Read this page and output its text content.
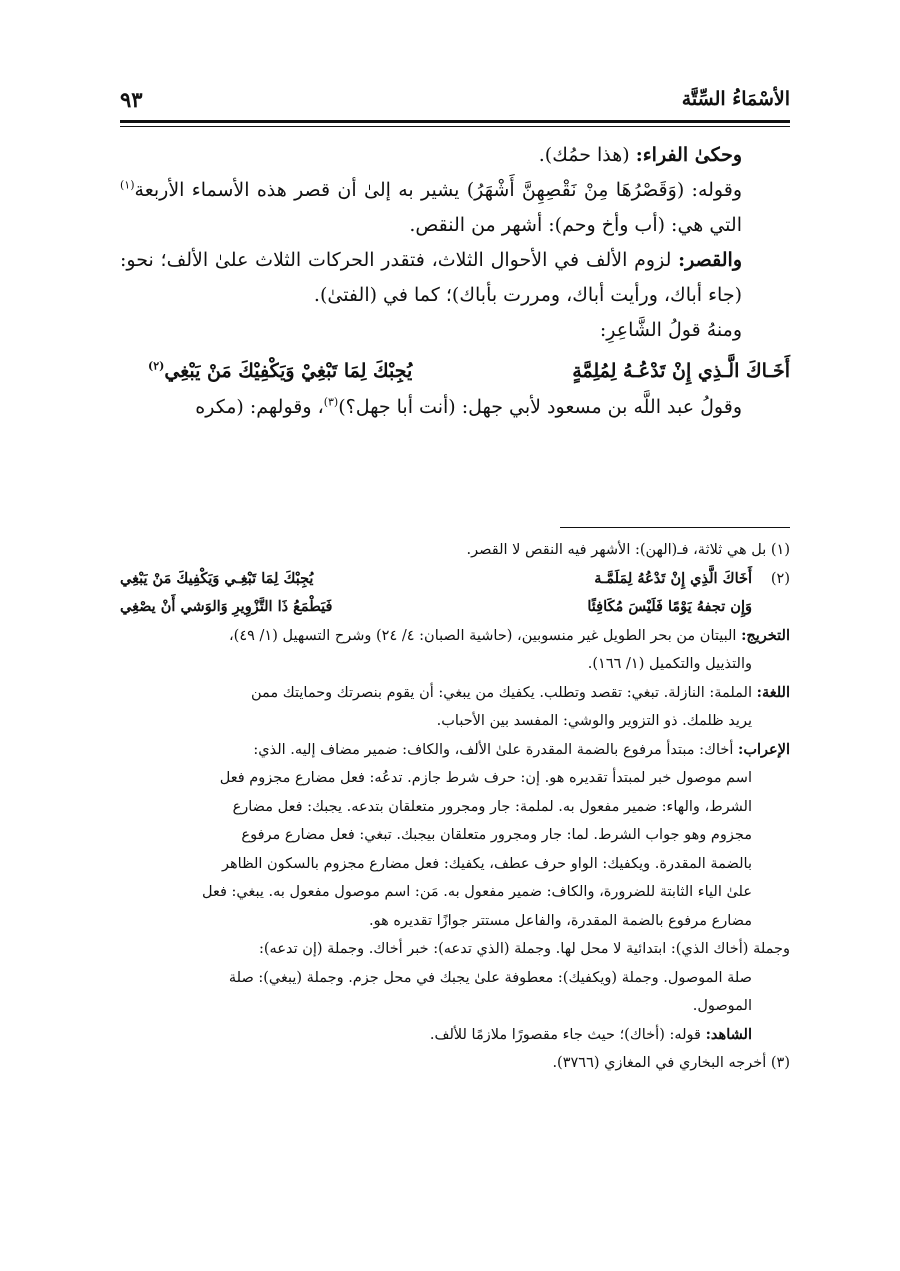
الأسْمَاءُ السِّتَّة
٩٣

وحكىٰ الفراء: (هذا حمُك).

وقوله: (وَقَصْرُهَا مِنْ نَقْصِهِنَّ أَشْهَرُ) يشير به إلىٰ أن قصر هذه الأسماء الأربعة$^{(١)}$ التي هي: (أب وأخ وحم): أشهر من النقص.

والقصر: لزوم الألف في الأحوال الثلاث، فتقدر الحركات الثلاث علىٰ الألف؛ نحو: (جاء أباك، ورأيت أباك، ومررت بأباك)؛ كما في (الفتىٰ).

ومنهُ قولُ الشَّاعِرِ:

أَخَـاكَ الَّـذِي إِنْ تَدْعُـهُ لِمُلِمَّةٍ
يُجِبْكَ لِمَا تَبْغِيْ وَيَكْفِيْكَ مَنْ يَبْغِي$^{(٢)}$

وقولُ عبد اللَّه بن مسعود لأبي جهل: (أنت أبا جهل؟)$^{(٣)}$، وقولهم: (مكره

(١) بل هي ثلاثة، فـ(الهن): الأشهر فيه النقص لا القصر.

(٢)
أَخَاكَ الَّذِي إِنْ تَدْعُهُ لِمَلَمَّـة
يُجِبْكَ لِمَا تَبْغِـي وَيَكْفِيكَ مَنْ يَبْغِي
وَإِن تجفهُ يَوْمًا فَلَيْسَ مُكَافِئًا
فَيَطْمَعُ ذَا التَّزْوِيرِ وَالوَشي أَنْ يصْغِي

التخريج: البيتان من بحر الطويل غير منسوبين، (حاشية الصبان: ٤/ ٢٤) وشرح التسهيل (١/ ٤٩)،

والتذييل والتكميل (١/ ١٦٦).

اللغة: الملمة: النازلة. تبغي: تقصد وتطلب. يكفيك من يبغي: أن يقوم بنصرتك وحمايتك ممن

يريد ظلمك. ذو التزوير والوشي: المفسد بين الأحباب.

الإعراب: أخاك: مبتدأ مرفوع بالضمة المقدرة علىٰ الألف، والكاف: ضمير مضاف إليه. الذي:

اسم موصول خبر لمبتدأ تقديره هو. إن: حرف شرط جازم. تدعُه: فعل مضارع مجزوم فعل

الشرط، والهاء: ضمير مفعول به. لملمة: جار ومجرور متعلقان بتدعه. يجبك: فعل مضارع

مجزوم وهو جواب الشرط. لما: جار ومجرور متعلقان بيجبك. تبغي: فعل مضارع مرفوع

بالضمة المقدرة. ويكفيك: الواو حرف عطف، يكفيك: فعل مضارع مجزوم بالسكون الظاهر

علىٰ الياء الثابتة للضرورة، والكاف: ضمير مفعول به. مَن: اسم موصول مفعول به. يبغي: فعل

مضارع مرفوع بالضمة المقدرة، والفاعل مستتر جوازًا تقديره هو.

وجملة (أخاك الذي): ابتدائية لا محل لها. وجملة (الذي تدعه): خبر أخاك. وجملة (إن تدعه):

صلة الموصول. وجملة (ويكفيك): معطوفة علىٰ يجبك في محل جزم. وجملة (يبغي): صلة

الموصول.

الشاهد: قوله: (أخاك)؛ حيث جاء مقصورًا ملازمًا للألف.

(٣) أخرجه البخاري في المغازي (٣٧٦٦).
